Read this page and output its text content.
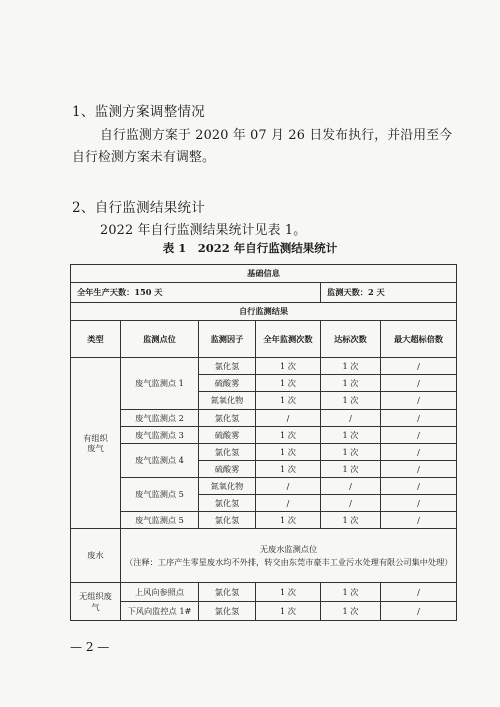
1、监测方案调整情况
自行监测方案于 2020 年 07 月 26 日发布执行，并沿用至今
自行检测方案未有调整。
2、自行监测结果统计
2022 年自行监测结果统计见表 1。
表 1　2022 年自行监测结果统计
基础信息					
全年生产天数：150 天				监测天数：2 天	
自行监测结果					
类型	监测点位	监测因子	全年监测次数	达标次数	最大超标倍数
有组织废气	废气监测点 1	氯化氢	1 次	1 次	/
		硫酸雾	1 次	1 次	/
		氮氧化物	1 次	1 次	/
	废气监测点 2	氯化氢	/	/	/
	废气监测点 3	硫酸雾	1 次	1 次	/
	废气监测点 4	氯化氢	1 次	1 次	/
		硫酸雾	1 次	1 次	/
	废气监测点 5	氮氧化物	/	/	/
		氯化氢	/	/	/
	废气监测点 5	氯化氢	1 次	1 次	/
废水	无废水监测点位
（注释：工序产生零星废水均不外排，转交由东莞市豪丰工业污水处理有限公司集中处理）				

无组织废气	上风向参照点	氯化氢	1 次	1 次	/
	下风向监控点 1#	氯化氢	1 次	1 次	/
— 2 —
